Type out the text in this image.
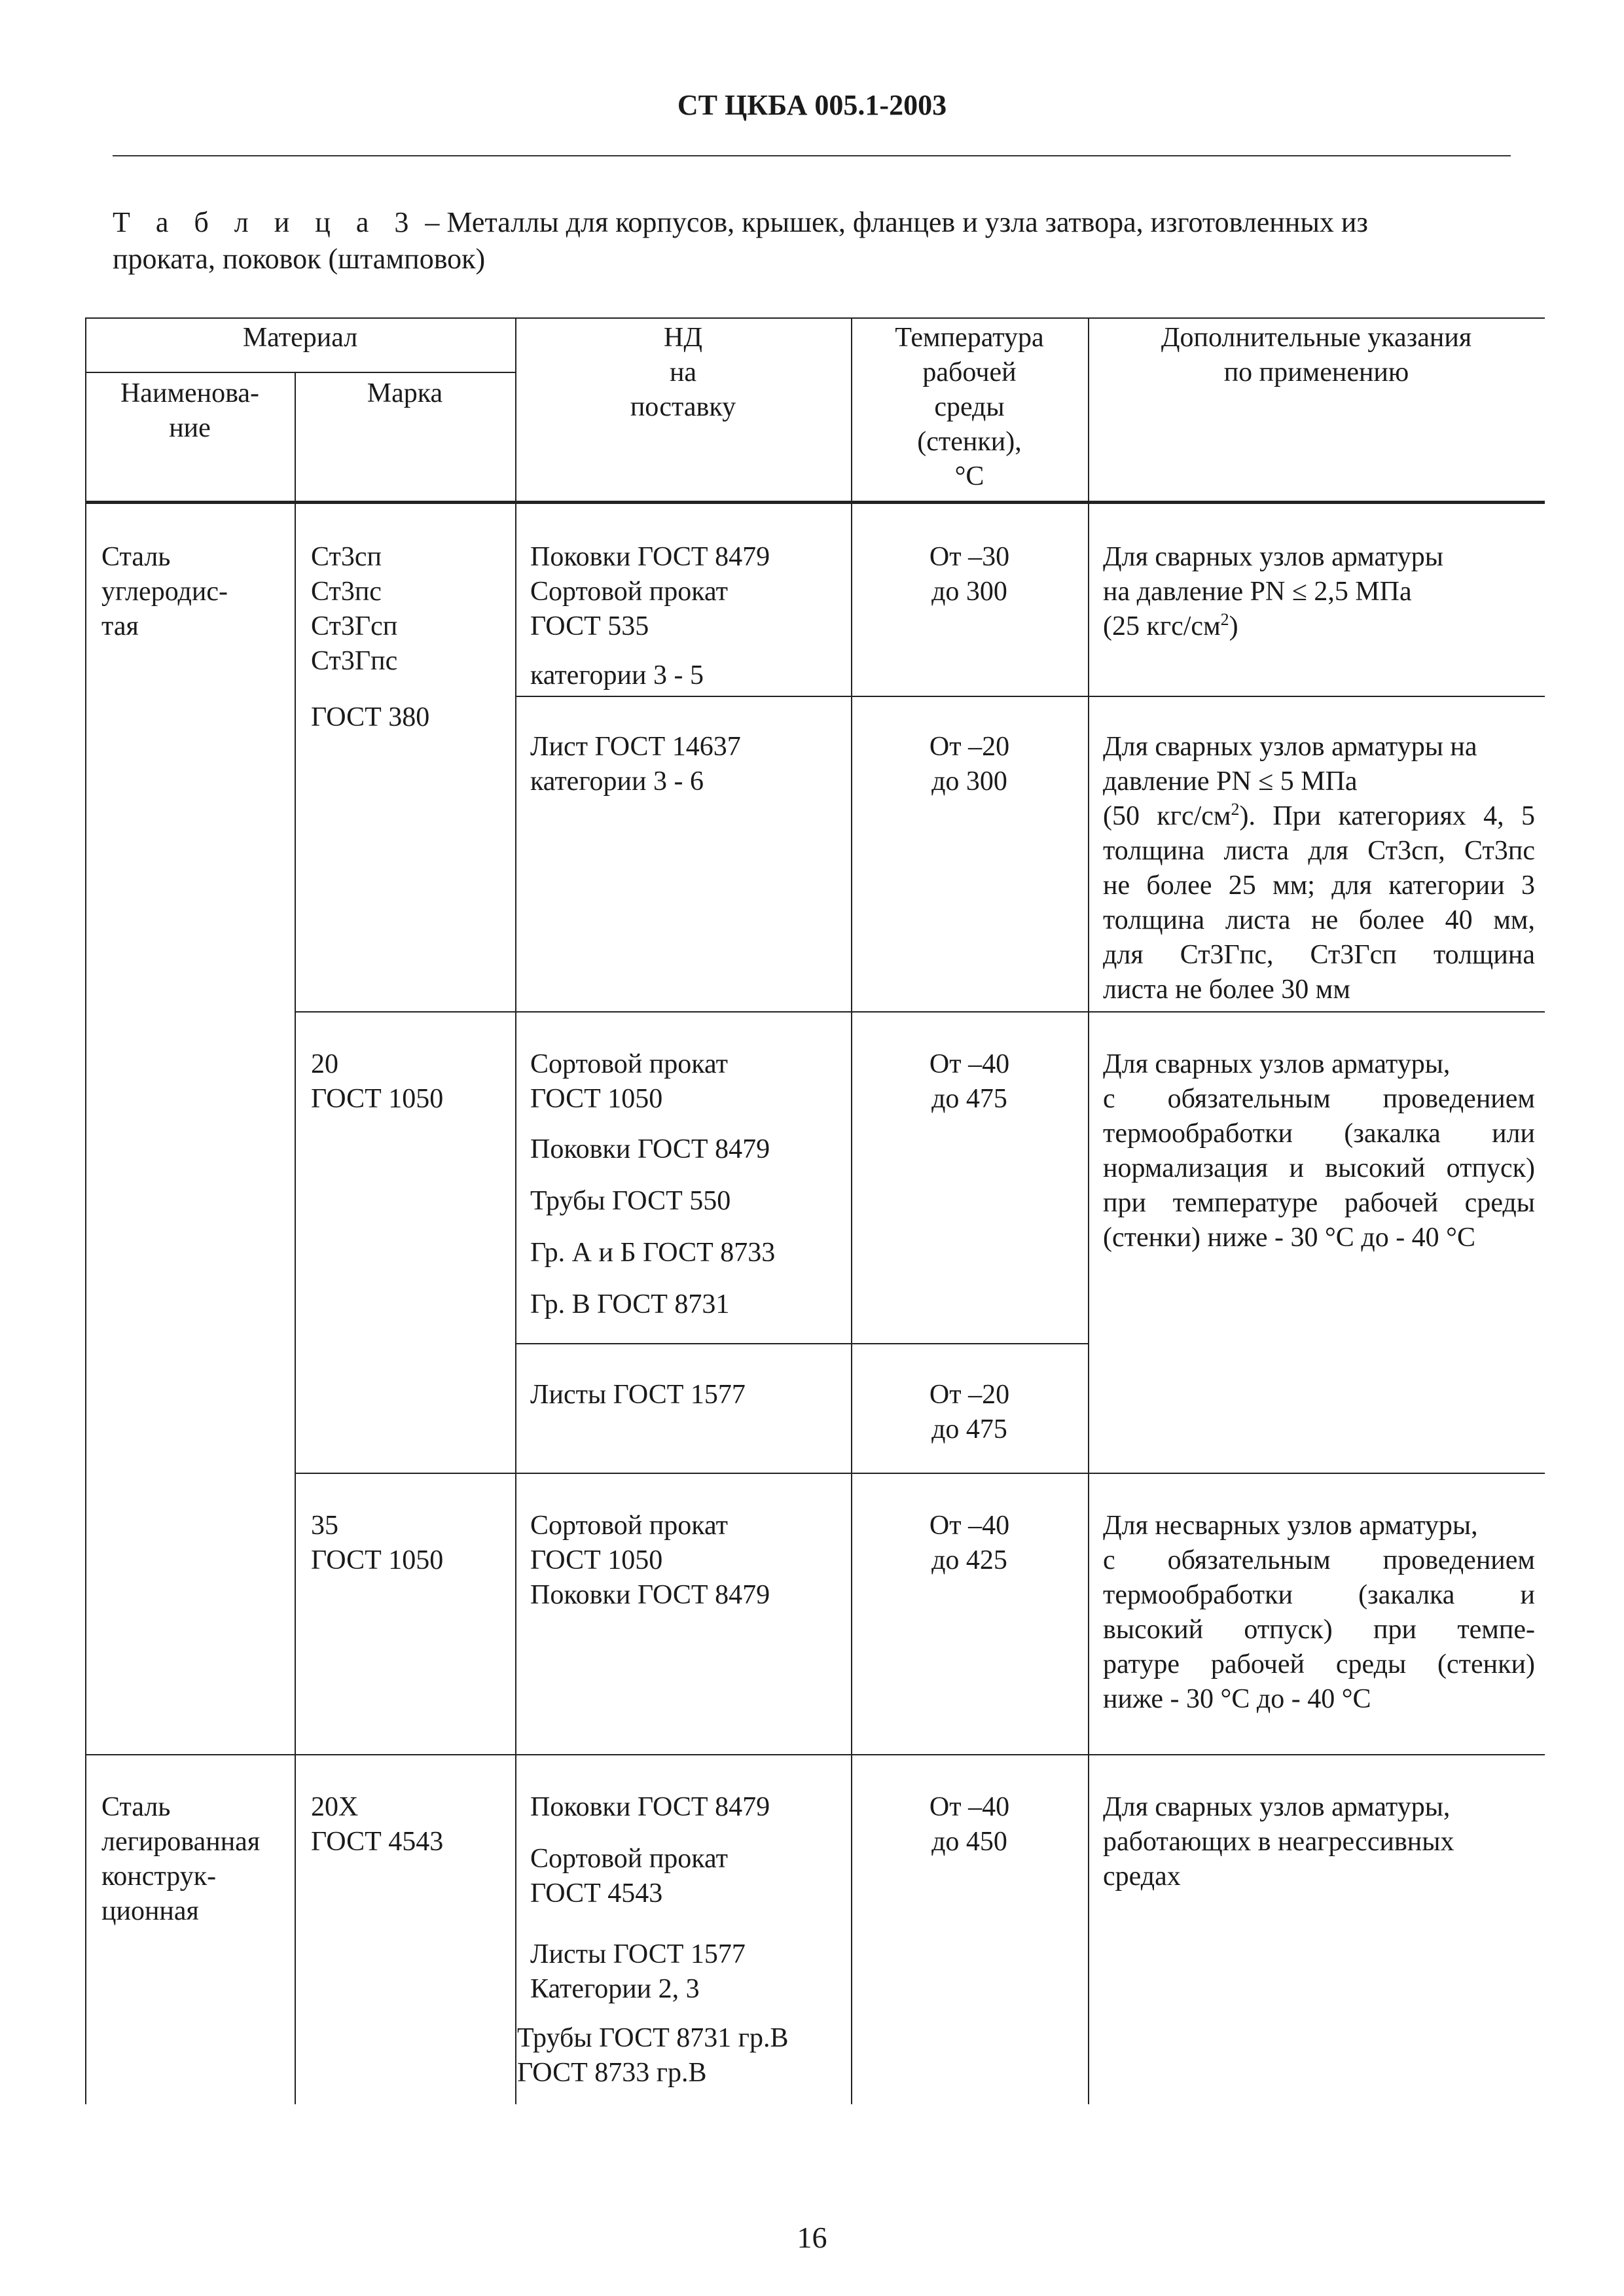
СТ ЦКБА 005.1-2003
Т а б л и ц а 3 – Металлы для корпусов, крышек, фланцев и узла затвора, изготовленных из
проката, поковок (штамповок)
Материал
Наименова-
ние
Марка
НД
на
поставку
Температура
рабочей
среды
(стенки),
°С
Дополнительные указания
по применению
Сталь
углеродис-
тая
Сталь
легированная
конструк-
ционная
Ст3сп
Ст3пс
Ст3Гсп
Ст3Гпс
ГОСТ 380
20
ГОСТ 1050
35
ГОСТ 1050
20Х
ГОСТ 4543
Поковки ГОСТ 8479
Сортовой прокат
ГОСТ 535
категории 3 - 5
От –30
до 300
Для сварных узлов арматуры
на давление PN ≤ 2,5 МПа
(25 кгс/$см^2$)
Лист ГОСТ 14637
категории 3 - 6
От –20
до 300
Для сварных узлов арматуры на
давление PN ≤ 5 МПа
(50 кгс/$см^2$). При категориях 4, 5
толщина листа для Ст3сп, Ст3пс
не более 25 мм; для категории 3
толщина листа не более 40 мм,
для Ст3Гпс, Ст3Гсп толщина
листа не более 30 мм
Сортовой прокат
ГОСТ 1050
Поковки ГОСТ 8479
Трубы ГОСТ 550
Гр. А и Б ГОСТ 8733
Гр. В ГОСТ 8731
От –40
до 475
Для сварных узлов арматуры,
с обязательным проведением
термообработки (закалка или
нормализация и высокий отпуск)
при температуре рабочей среды
(стенки) ниже - 30 °С до - 40 °С
Листы ГОСТ 1577	От –20
до 475
Сортовой прокат
ГОСТ 1050
Поковки ГОСТ 8479
От –40
до 425
Для несварных узлов арматуры,
с обязательным проведением
термообработки (закалка и
высокий отпуск) при темпе-
ратуре рабочей среды (стенки)
ниже - 30 °С до - 40 °С
Поковки ГОСТ 8479
Сортовой прокат
ГОСТ 4543
Листы ГОСТ 1577
Категории 2, 3
Трубы ГОСТ 8731 гр.В
ГОСТ 8733 гр.В
От –40
до 450
Для сварных узлов арматуры,
работающих в неагрессивных
средах
16
